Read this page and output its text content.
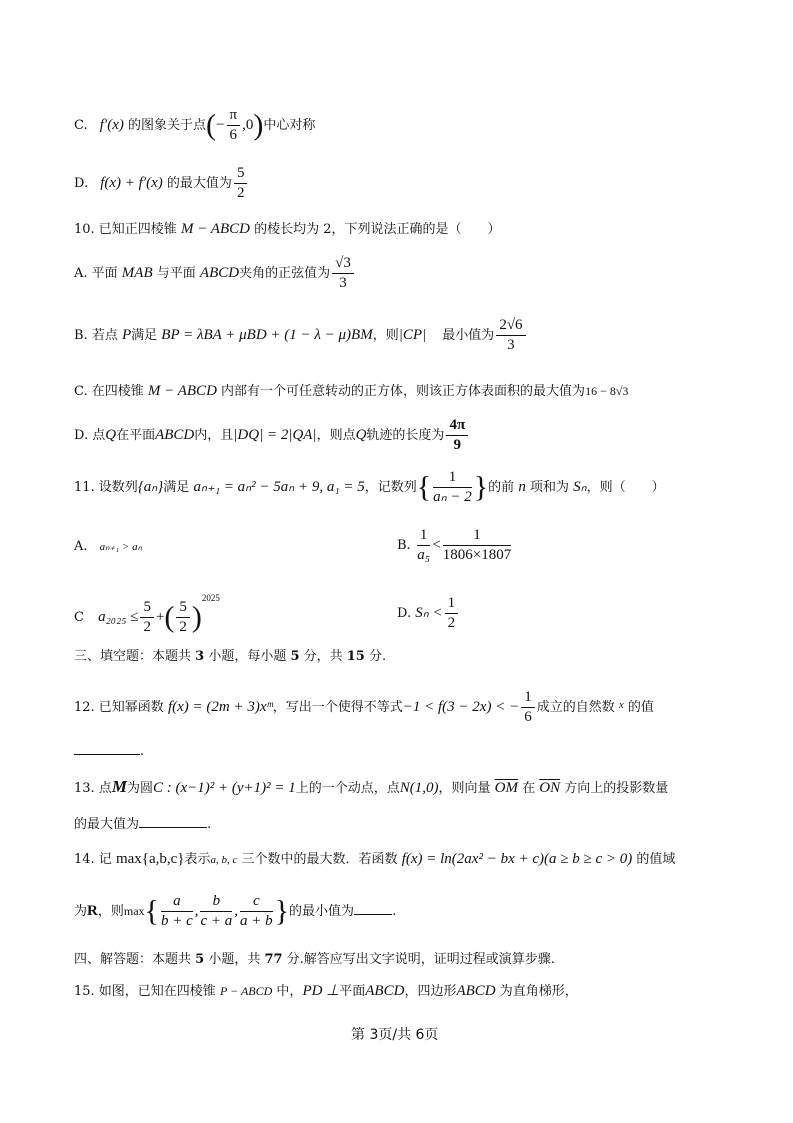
C. f′(x) 的图象关于点(− $\frac{\pi}{6} ,0$)中心对称
D. f(x) + f′(x) 的最大值为 $\frac{5}{2}$
10. 已知正四棱锥 M − ABCD 的棱长均为 2，下列说法正确的是（　　）
A. 平面 MAB 与平面 ABCD夹角的正弦值为 $\frac{√3}{3}$
B. 若点 P满足 BP = λBA + μBD + (1 − λ − μ)BM，则|CP| 最小值为 $\frac{2√6}{3}$
C. 在四棱锥 M − ABCD 内部有一个可任意转动的正方体，则该正方体表面积的最大值为16 − 8√3
D. 点Q在平面ABCD内，且|DQ| = 2|QA|，则点Q轨迹的长度为 $\frac{4\pi}{9}$
11. 设数列{aₙ}满足 aₙ₊₁ = aₙ² − 5aₙ + 9, a₁ = 5，记数列{ $\frac{1}{\text{aₙ − 2}}$ }的前 n 项和为 Sₙ，则（　　）
A. aₙ₊₁ > aₙ	B. $\frac{1}{\text{a₅}} < \frac{1}{1806\times 1807}$
C $a_{2025} \le \frac{5}{2}$ +( $\frac{5}{2} )^{2025}$
D. $S_n < \frac{1}{2}$
三、填空题：本题共 3 小题，每小题 5 分，共 15 分.
12. 已知幂函数 f(x) = (2m + 3)xᵐ，写出一个使得不等式−1 < f(3 − 2x) < − $\frac{1}{6}$ 成立的自然数 $^x$ 的值
.
13. 点M为圆C : (x−1)² + (y+1)² = 1上的一个动点，点N(1,0)，则向量 $\overline{OM}$ 在 $\overline{ON}$ 方向上的投影数量
的最大值为	.
14. 记 max{a,b,c}表示a, b, c 三个数中的最大数．若函数 f(x) = ln(2ax² − bx + c)(a ≥ b ≥ c > 0) 的值域
为R，则$\max\{ \frac{a}{b + c}$ , $\frac{b}{c + a}$ , $\frac{c}{a + b}$ }的最小值为	.
四、解答题：本题共 5 小题，共 77 分.解答应写出文字说明，证明过程或演算步骤.
15. 如图，已知在四棱锥 P − ABCD 中，PD ⊥平面ABCD，四边形ABCD 为直角梯形，
第 3页/共 6页
